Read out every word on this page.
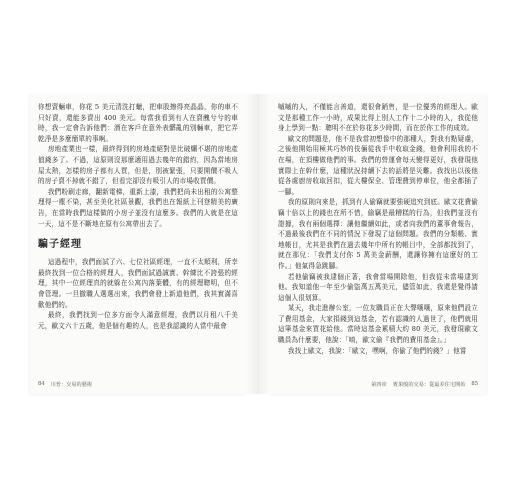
你想賣輛車，你花 5 美元清洗打蠟，把車股擦得亮晶晶，你的車不只好賣，還能多賣出 400 美元。每當我看到有人在賣醜兮兮的車時，我一定會告訴他們：潛在客戶在意外表髒亂的別輛車，把它弄乾淨是多麼簡單的事啊。

房地產業也一樣，最終得到的房地產絕對是比破爛不堪的房地產值錢多了。不過，這原則沒那麼適用過去幾年的錯約，因為當地房屋太熱，怎樣的房子都有人買，但是，別被緊張，只要開價不吸人的房子賣不掉就不錯了，但看完卻沒有吸引人的市場收買價。

我們粉刷走廊，翻新電梯，重新上漆，我們把尚未出租的公寓整理得一塵不染，甚至美化社區景觀，我們也在報紙上刊登精美的廣告，在當時我們這樣做的小房子並沒有這麼多。我們的人就是在這一天，這不是不斷地在原有公寓帶出去了。

騙子經理

這過程中，我們面試了六、七位社區經理，一直不太順利，所幸最終找到一位合格的經理人，我們面試過誠實、幹練比不誇張的經理，其中一位經理真的就躲在公寓內落葉體，有的經理聰明，但不會管理。一旦撤職人選選出來，我們會發上新道他們，我其實滿喜歡他們的。

最終，我們找到一位多方面令人滿意經理，我們以月租八千美元，歐文六十五歲，他是個有趣的人，也是我認識的人當中最會

84 川普：交易的藝術

嘁嘁的人，不僅能言善道，還很會銷售，是一位優秀的經理人。歐文是那種工作一小時，成果比得上別人工作十二小時的人，我從他身上學到一點：聰明不在於你花多少時間，而在於你工作的成效。

歐文的問題是，他不是我當初想像中的那種人，對我有點疑慮，之後他開始用極其巧妙的伎倆從我手中收取金錢，他會利用我的不在場，在頂樓做他們的事。我們的營運會每天變得更好，我發現他實際上在幹什麼，這種狀況持續下去的話將是災難。我找出以後他從各處廚房收取回扣，從大樓保全、管理費到停車位，他全都插了一腳。

我的原則向來是，抓到有人偷竊就要強硬追究到底。歐文花費偷竊十倍以上的錢也在所不惜，偷竊是最糟糕的行為，但我們並沒有證據，我有兩個選擇：讓他繼續如此，或者向我們的董事會報告，不過最後我們在不同的情況下發現了這個問題。我們的分類帳、實地帳目，尤其是我們在過去幾年中所有的帳目中，全部都找到了，就在那兒：「我們支付你 5 萬美金薪酬，還讓你擁有這麼好的工作。」他氣得急跳腳。

若他偷竊被我逮個正著，我會當場開除他，但我從未當場逮到他。我知道他一年至少偷盜萬五萬美元，儘管如此，我還是覺得請這個人很划算。

某天，我走進辦公室，一位友職員正在大聲嚷嚷，原來他們設立了費用基金，大家捐錢到這基金，若有認識的人過世了，他們就用這筆基金來買花給他。當時這基金累積大約 80 美元，我發現歐文職員為什麼要，他說：「唷，歐文偷『我們的費用基金』。」

我找上歐文，我說：「歐文，嘿啊，你偷了他們的錢？」他嘗

第四章 賓果般的交易：從最差住宅開始 85
